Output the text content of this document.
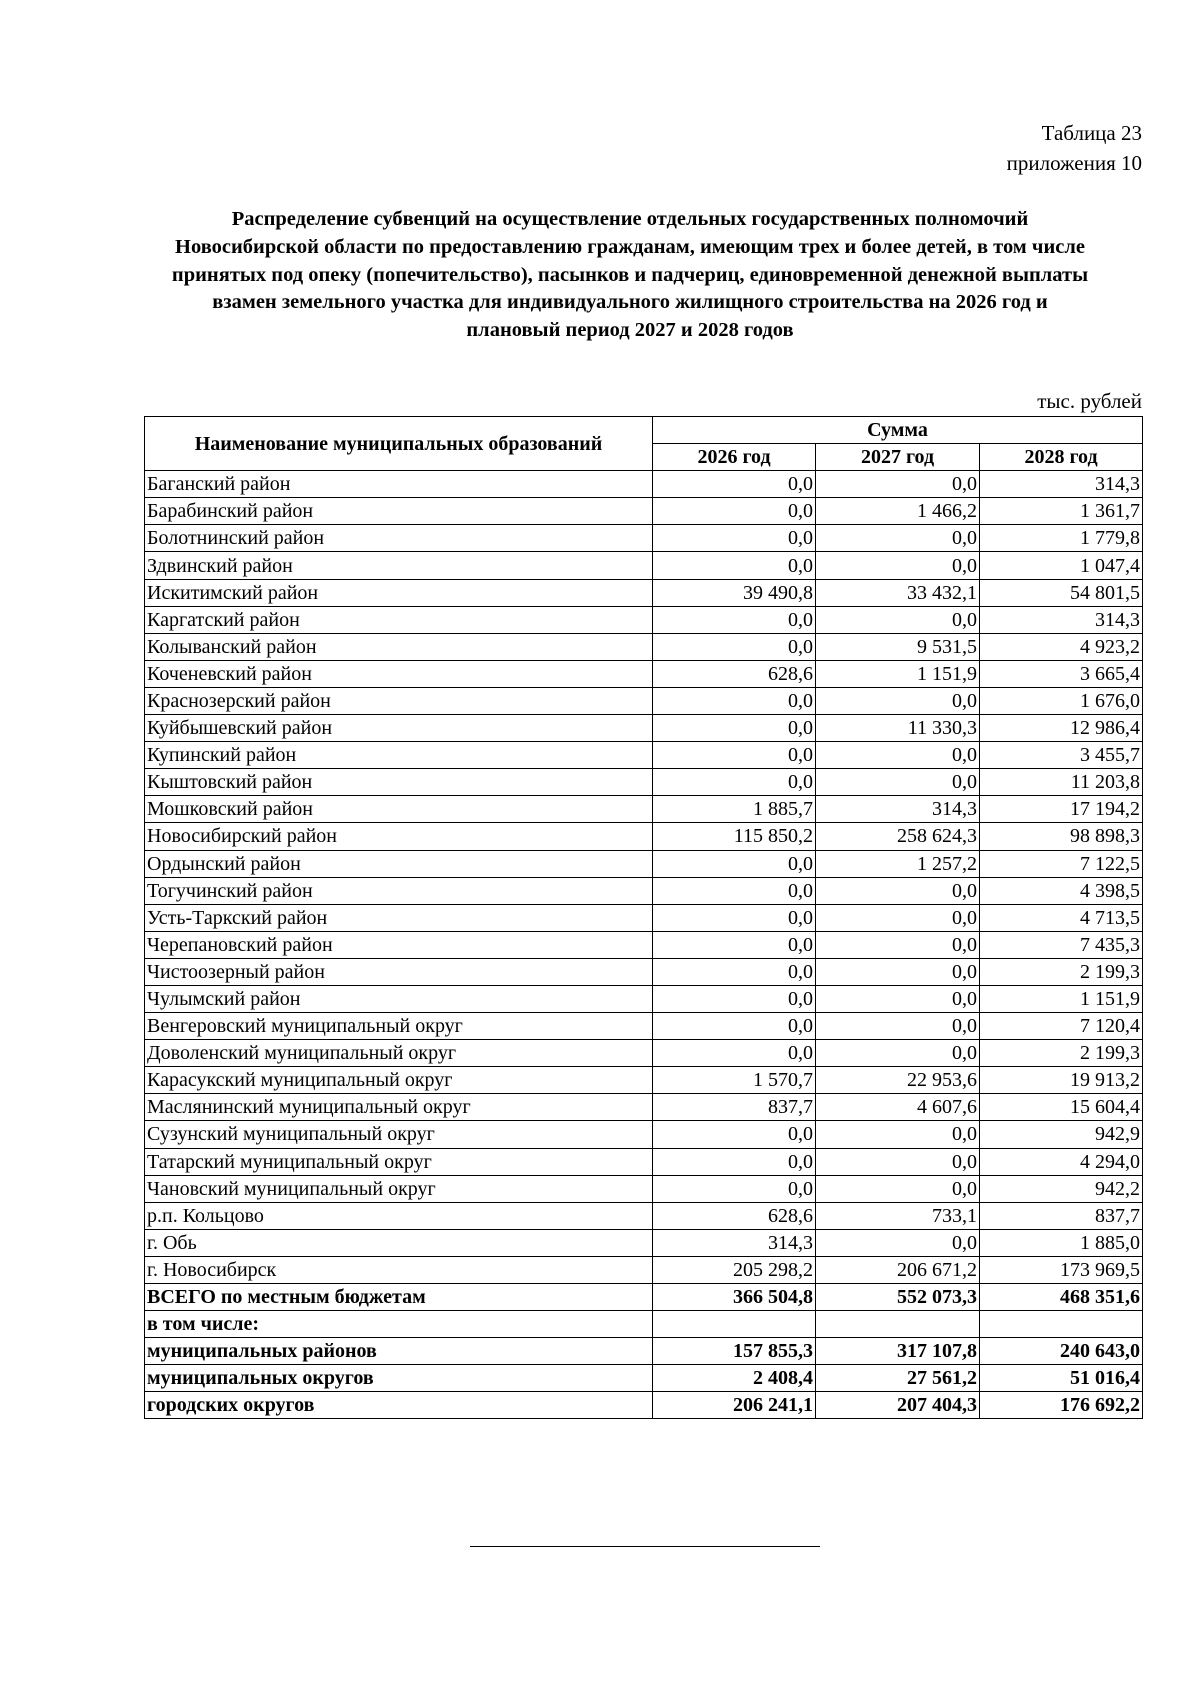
Таблица 23
приложения 10
Распределение субвенций на осуществление отдельных государственных полномочий
Новосибирской области по предоставлению гражданам, имеющим трех и более детей, в том числе
принятых под опеку (попечительство), пасынков и падчериц, единовременной денежной выплаты
взамен земельного участка для индивидуального жилищного строительства на 2026 год и
плановый период 2027 и 2028 годов
тыс. рублей
Наименование муниципальных образований	Сумма		
	2026 год	2027 год	2028 год
Баганский район	0,0	0,0	314,3
Барабинский район	0,0	1 466,2	1 361,7
Болотнинский район	0,0	0,0	1 779,8
Здвинский район	0,0	0,0	1 047,4
Искитимский район	39 490,8	33 432,1	54 801,5
Каргатский район	0,0	0,0	314,3
Колыванский район	0,0	9 531,5	4 923,2
Коченевский район	628,6	1 151,9	3 665,4
Краснозерский район	0,0	0,0	1 676,0
Куйбышевский район	0,0	11 330,3	12 986,4
Купинский район	0,0	0,0	3 455,7
Кыштовский район	0,0	0,0	11 203,8
Мошковский район	1 885,7	314,3	17 194,2
Новосибирский район	115 850,2	258 624,3	98 898,3
Ордынский район	0,0	1 257,2	7 122,5
Тогучинский район	0,0	0,0	4 398,5
Усть-Таркский район	0,0	0,0	4 713,5
Черепановский район	0,0	0,0	7 435,3
Чистоозерный район	0,0	0,0	2 199,3
Чулымский район	0,0	0,0	1 151,9
Венгеровский муниципальный округ	0,0	0,0	7 120,4
Доволенский муниципальный округ	0,0	0,0	2 199,3
Карасукский муниципальный округ	1 570,7	22 953,6	19 913,2
Маслянинский муниципальный округ	837,7	4 607,6	15 604,4
Сузунский муниципальный округ	0,0	0,0	942,9
Татарский муниципальный округ	0,0	0,0	4 294,0
Чановский муниципальный округ	0,0	0,0	942,2
р.п. Кольцово	628,6	733,1	837,7
г. Обь	314,3	0,0	1 885,0
г. Новосибирск	205 298,2	206 671,2	173 969,5
ВСЕГО по местным бюджетам	366 504,8	552 073,3	468 351,6
в том числе:			
муниципальных районов	157 855,3	317 107,8	240 643,0
муниципальных округов	2 408,4	27 561,2	51 016,4
городских округов	206 241,1	207 404,3	176 692,2
